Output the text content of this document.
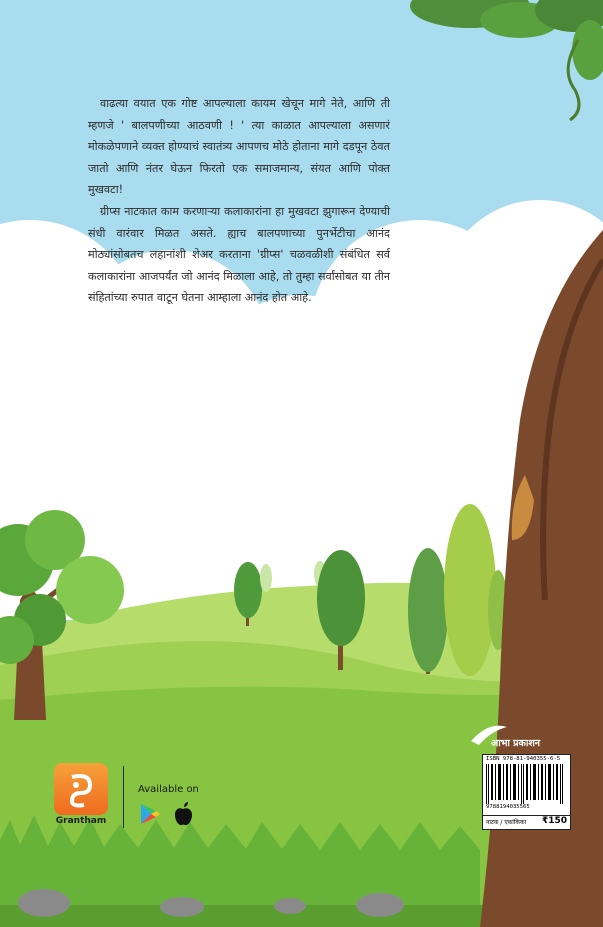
वाढत्या वयात एक गोष्ट आपल्याला कायम खेचून मागे नेते, आणि ती म्हणजे ' बालपणीच्या आठवणी ! ' त्या काळात आपल्याला असणारं मोकळेपणाने व्यक्त होण्याचं स्वातंत्र्य आपणच मोठे होताना मागे दडपून ठेवत जातो आणि नंतर घेऊन फिरतो एक समाजमान्य, संयत आणि पोक्त मुखवटा!

ग्रीप्स नाटकात काम करणाऱ्या कलाकारांना हा मुखवटा झुगारून देण्याची संधी वारंवार मिळत असते. ह्याच बालपणाच्या पुनर्भेटीचा आनंद मोठ्यांसोबतच लहानांशी शेअर करताना 'ग्रीप्स' चळवळीशी संबंधित सर्व कलाकारांना आजपर्यंत जो आनंद मिळाला आहे, तो तुम्हा सर्वांसोबत या तीन संहितांच्या रुपात वाटून घेतना आम्हाला आनंद होत आहे.

Grantham
Available on
आभा प्रकाशन
ISBN 978-81-940355-6-5
9788194035565
नाटक / एकांकिका ₹150
